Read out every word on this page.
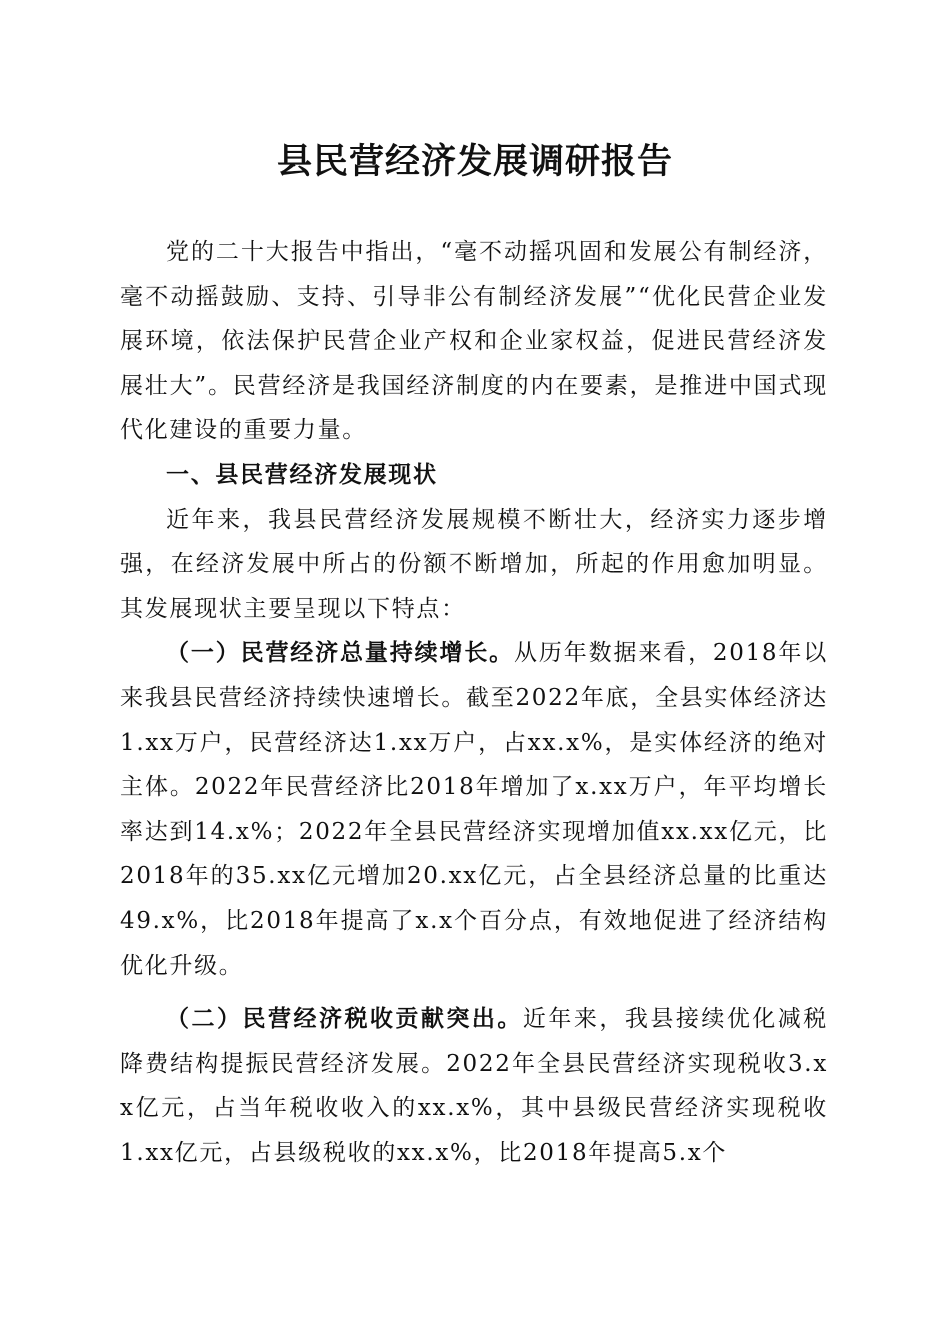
县民营经济发展调研报告

党的二十大报告中指出，“毫不动摇巩固和发展公有制经济，毫不动摇鼓励、支持、引导非公有制经济发展”“优化民营企业发展环境，依法保护民营企业产权和企业家权益，促进民营经济发展壮大”。民营经济是我国经济制度的内在要素，是推进中国式现代化建设的重要力量。

一、县民营经济发展现状

近年来，我县民营经济发展规模不断壮大，经济实力逐步增强，在经济发展中所占的份额不断增加，所起的作用愈加明显。其发展现状主要呈现以下特点：

（一）民营经济总量持续增长。从历年数据来看，2018年以来我县民营经济持续快速增长。截至2022年底，全县实体经济达1.xx万户，民营经济达1.xx万户，占xx.x%，是实体经济的绝对主体。2022年民营经济比2018年增加了x.xx万户，年平均增长率达到14.x%；2022年全县民营经济实现增加值xx.xx亿元，比2018年的35.xx亿元增加20.xx亿元，占全县经济总量的比重达49.x%，比2018年提高了x.x个百分点，有效地促进了经济结构优化升级。

（二）民营经济税收贡献突出。近年来，我县接续优化减税降费结构提振民营经济发展。2022年全县民营经济实现税收3.xx亿元，占当年税收收入的xx.x%，其中县级民营经济实现税收1.xx亿元，占县级税收的xx.x%，比2018年提高5.x个
